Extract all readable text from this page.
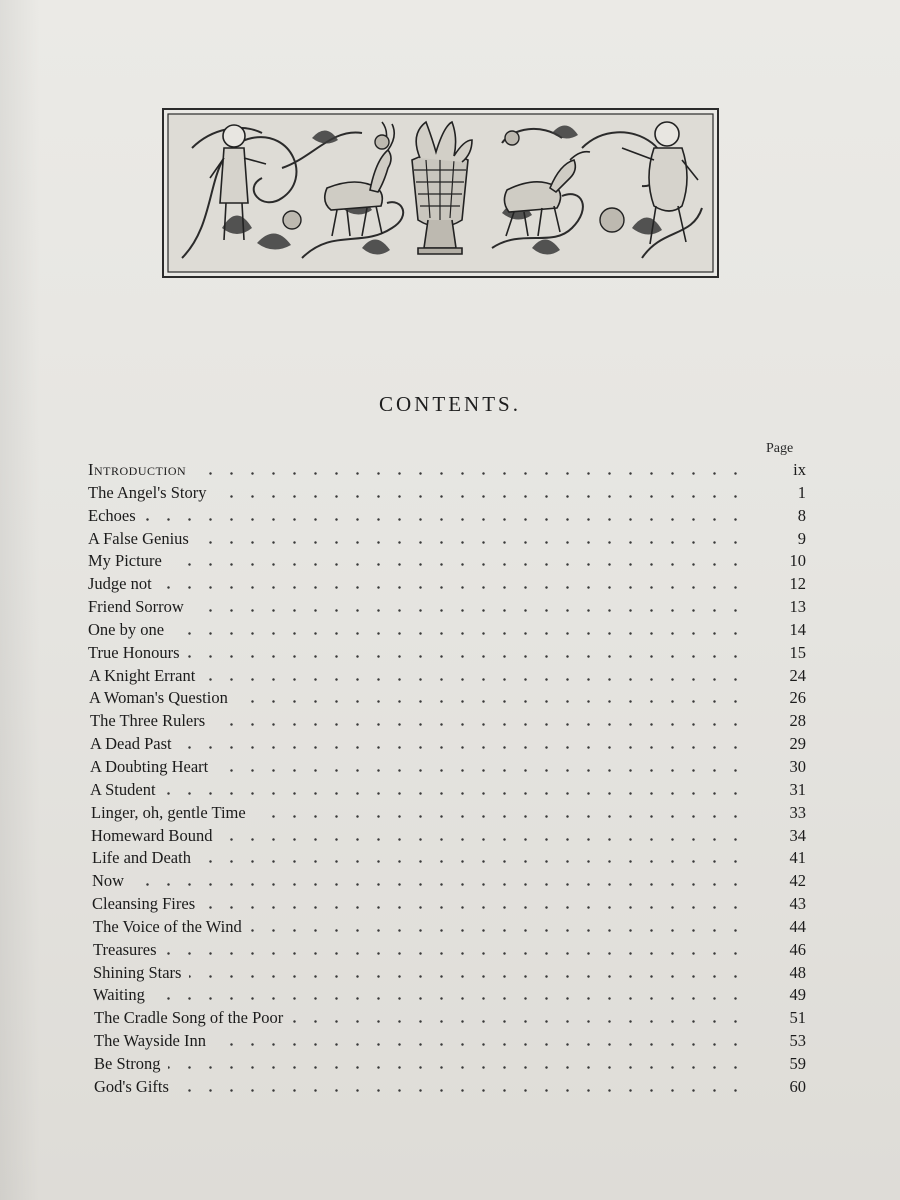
CONTENTS.
Page
Introduction	ix
The Angel's Story	1
Echoes	8
A False Genius	9
My Picture	10
Judge not	12
Friend Sorrow	13
One by one	14
True Honours	15
A Knight Errant	24
A Woman's Question	26
The Three Rulers	28
A Dead Past	29
A Doubting Heart	30
A Student	31
Linger, oh, gentle Time	33
Homeward Bound	34
Life and Death	41
Now	42
Cleansing Fires	43
The Voice of the Wind	44
Treasures	46
Shining Stars	48
Waiting	49
The Cradle Song of the Poor	51
The Wayside Inn	53
Be Strong	59
God's Gifts	60
